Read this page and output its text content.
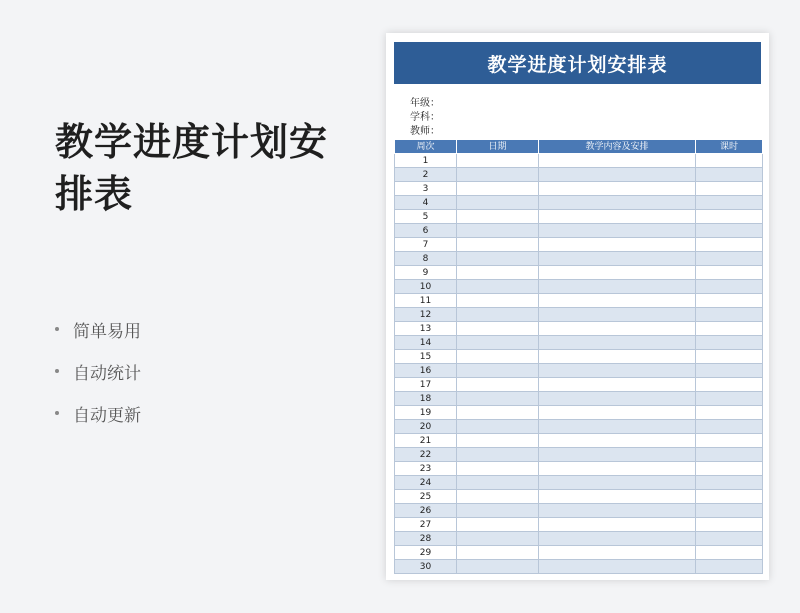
教学进度计划安排表
简单易用
自动统计
自动更新
教学进度计划安排表
年级：
学科：
教师：
周次	日期	教学内容及安排	课时
1			
2			
3			
4			
5			
6			
7			
8			
9			
10			
11			
12			
13			
14			
15			
16			
17			
18			
19			
20			
21			
22			
23			
24			
25			
26			
27			
28			
29			
30			
